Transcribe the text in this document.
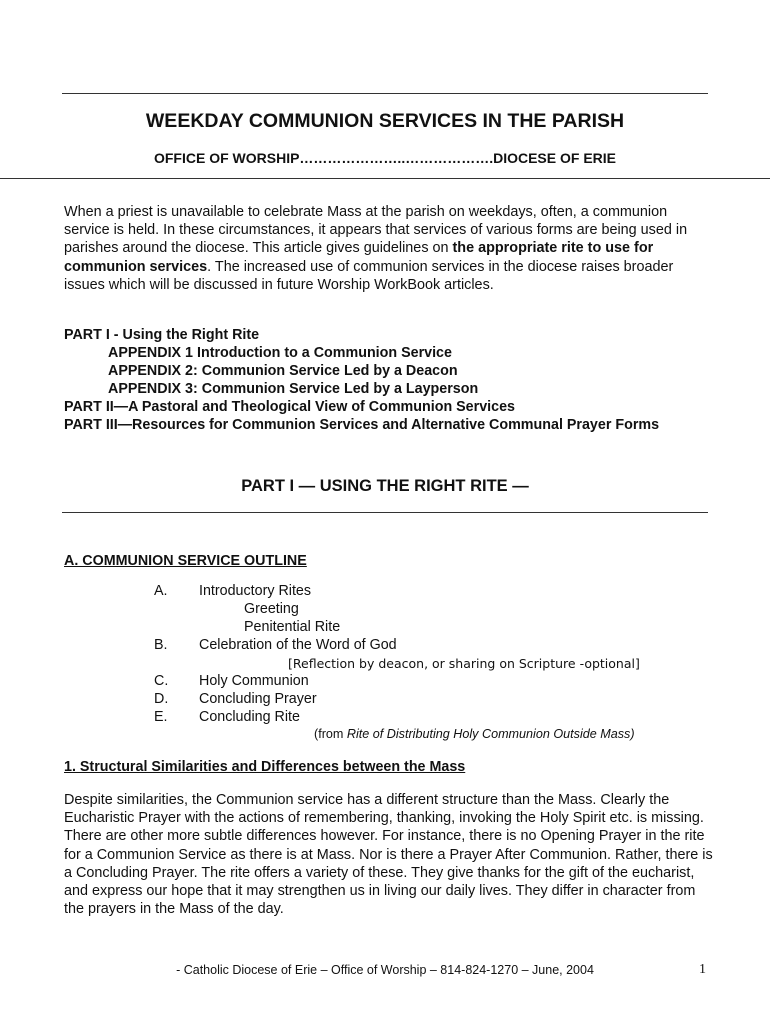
WEEKDAY COMMUNION SERVICES IN THE PARISH
OFFICE OF WORSHIP…………………..……………….DIOCESE OF ERIE
When a priest is unavailable to celebrate Mass at the parish on weekdays, often, a communion service is held. In these circumstances, it appears that services of various forms are being used in parishes around the diocese. This article gives guidelines on the appropriate rite to use for communion services. The increased use of communion services in the diocese raises broader issues which will be discussed in future Worship WorkBook articles.
PART I - Using the Right Rite
APPENDIX 1 Introduction to a Communion Service
APPENDIX 2: Communion Service Led by a Deacon
APPENDIX 3: Communion Service Led by a Layperson
PART II—A Pastoral and Theological View of Communion Services
PART III—Resources for Communion Services and Alternative Communal Prayer Forms
PART I — USING THE RIGHT RITE —
A. COMMUNION SERVICE OUTLINE
A. Introductory Rites
Greeting
Penitential Rite
B. Celebration of the Word of God
[Reflection by deacon, or sharing on Scripture -optional]
C. Holy Communion
D. Concluding Prayer
E. Concluding Rite
(from Rite of Distributing Holy Communion Outside Mass)
1. Structural Similarities and Differences between the Mass
Despite similarities, the Communion service has a different structure than the Mass. Clearly the Eucharistic Prayer with the actions of remembering, thanking, invoking the Holy Spirit etc. is missing. There are other more subtle differences however. For instance, there is no Opening Prayer in the rite for a Communion Service as there is at Mass. Nor is there a Prayer After Communion. Rather, there is a Concluding Prayer. The rite offers a variety of these. They give thanks for the gift of the eucharist, and express our hope that it may strengthen us in living our daily lives. They differ in character from the prayers in the Mass of the day.
- Catholic Diocese of Erie – Office of Worship – 814-824-1270 – June, 2004	1
